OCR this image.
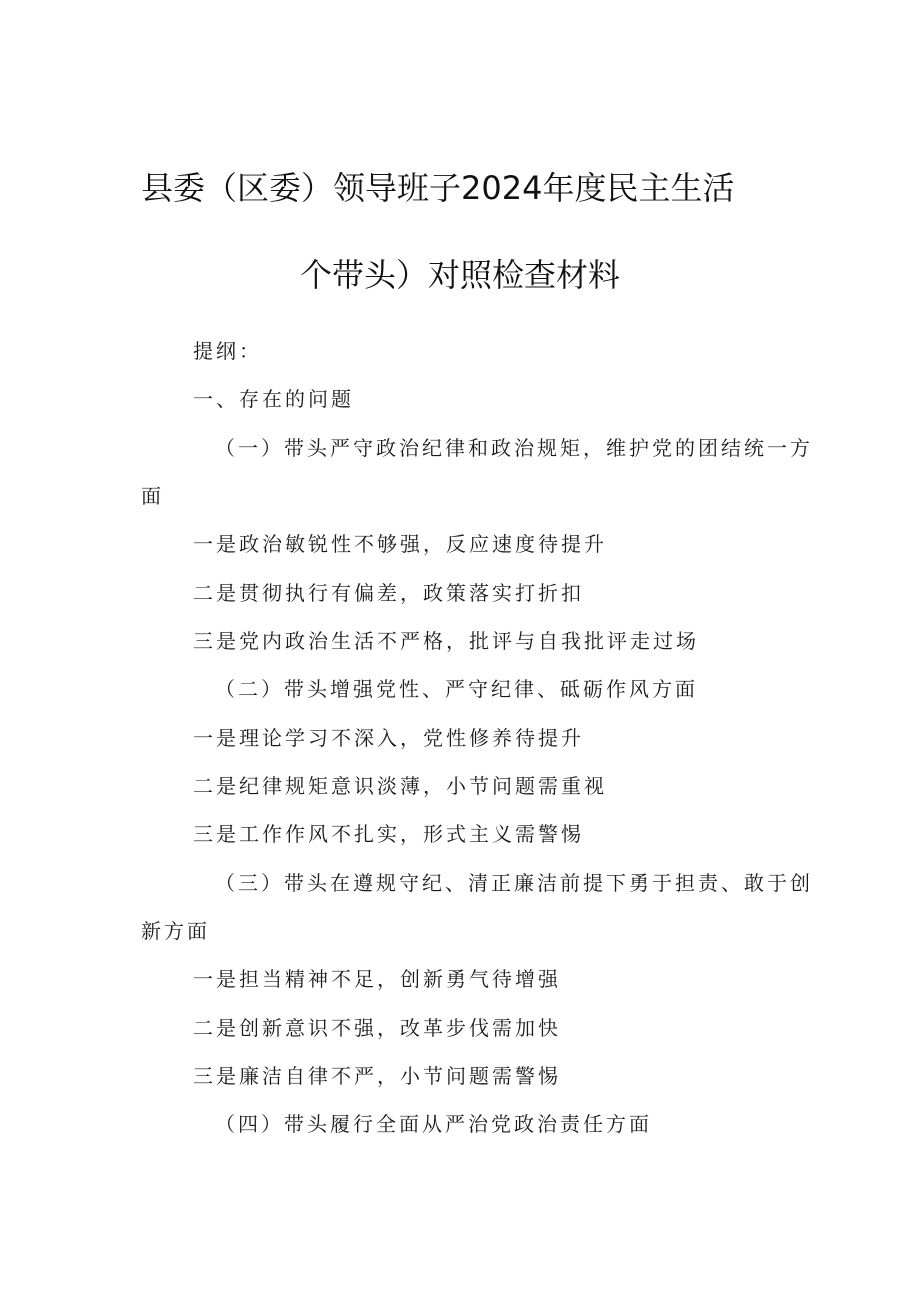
县委（区委）领导班子2024年度民主生活
个带头）对照检查材料
提纲：
一、存在的问题
（一）带头严守政治纪律和政治规矩，维护党的团结统一方
面
一是政治敏锐性不够强，反应速度待提升
二是贯彻执行有偏差，政策落实打折扣
三是党内政治生活不严格，批评与自我批评走过场
（二）带头增强党性、严守纪律、砥砺作风方面
一是理论学习不深入，党性修养待提升
二是纪律规矩意识淡薄，小节问题需重视
三是工作作风不扎实，形式主义需警惕
（三）带头在遵规守纪、清正廉洁前提下勇于担责、敢于创
新方面
一是担当精神不足，创新勇气待增强
二是创新意识不强，改革步伐需加快
三是廉洁自律不严，小节问题需警惕
（四）带头履行全面从严治党政治责任方面
